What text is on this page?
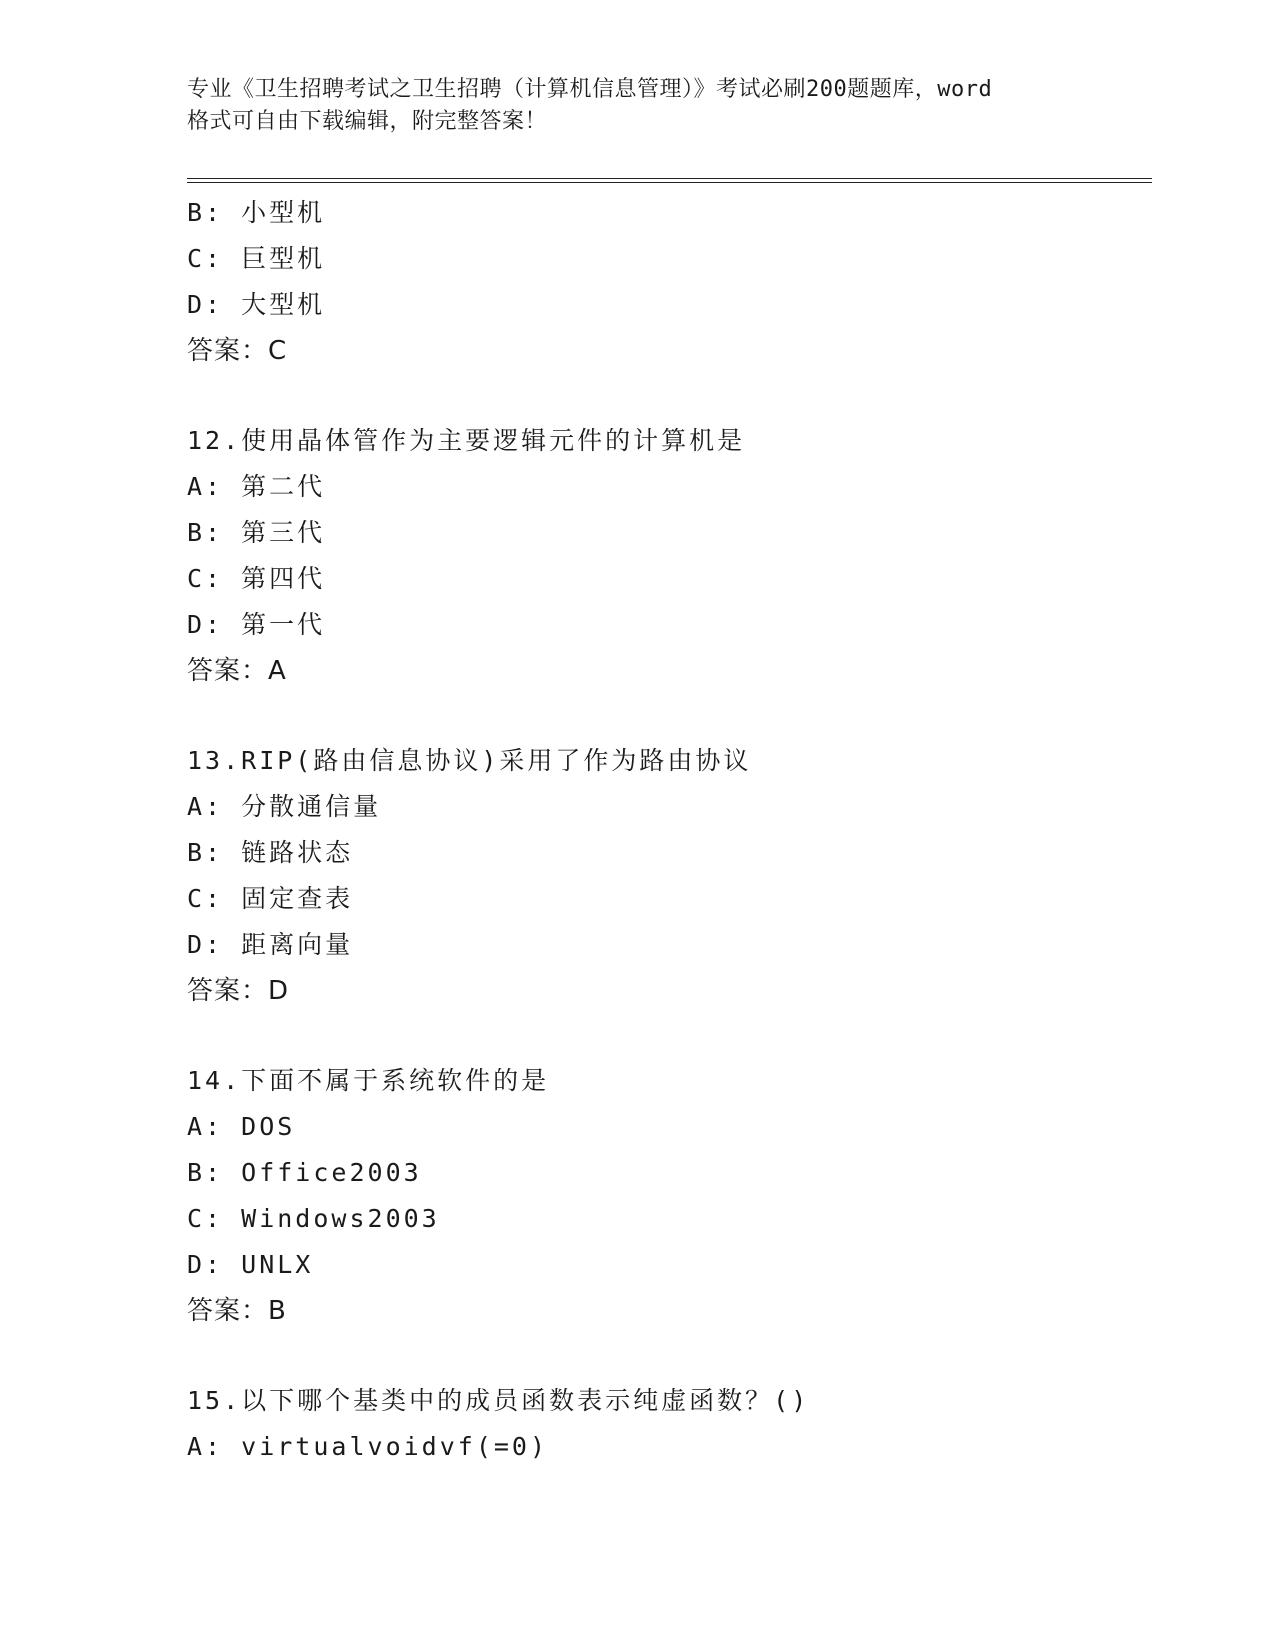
专业《卫生招聘考试之卫生招聘（计算机信息管理）》考试必刷200题题库，word
格式可自由下载编辑，附完整答案！
B: 小型机
C: 巨型机
D: 大型机
答案：C
12.使用晶体管作为主要逻辑元件的计算机是
A: 第二代
B: 第三代
C: 第四代
D: 第一代
答案：A
13.RIP(路由信息协议)采用了作为路由协议
A: 分散通信量
B: 链路状态
C: 固定查表
D: 距离向量
答案：D
14.下面不属于系统软件的是
A: DOS
B: Office2003
C: Windows2003
D: UNLX
答案：B
15.以下哪个基类中的成员函数表示纯虚函数？()
A: virtualvoidvf(=0)
